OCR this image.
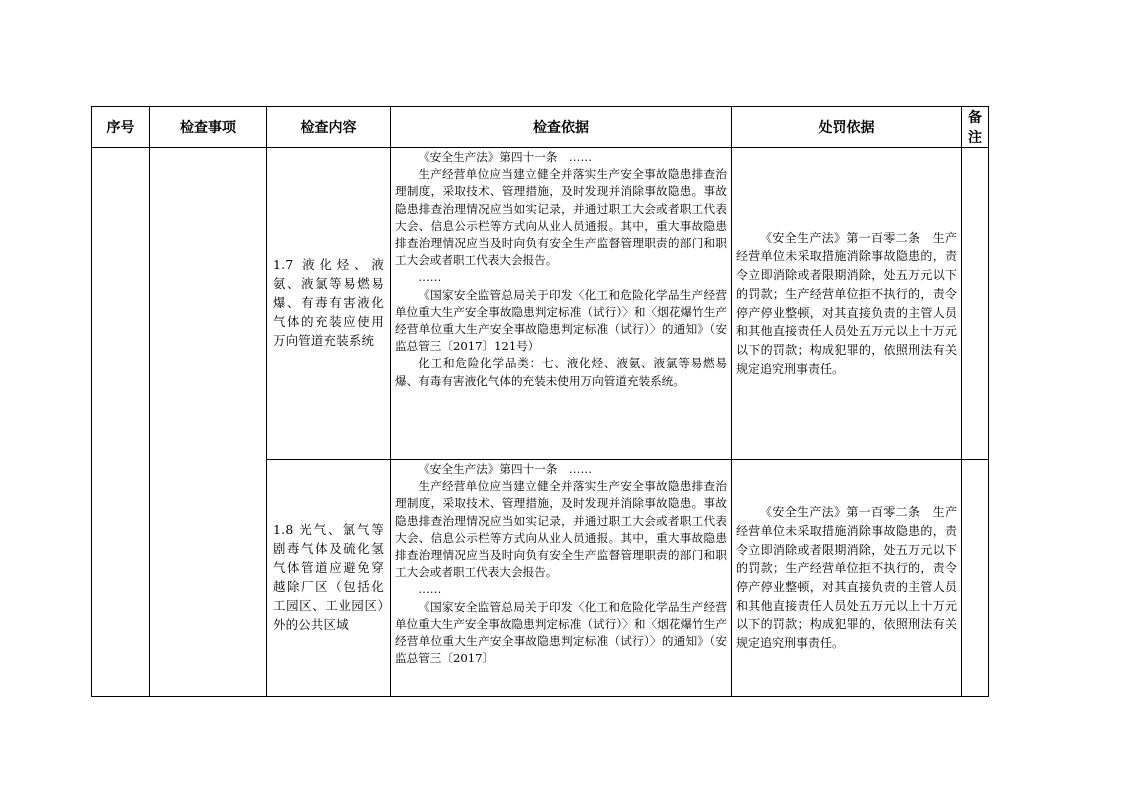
序号	检查事项	检查内容	检查依据	处罚依据	备注
		1.7 液化烃、液氨、液氯等易燃易爆、有毒有害液化气体的充装应使用万向管道充装系统	《安全生产法》第四十一条　……

生产经营单位应当建立健全并落实生产安全事故隐患排查治理制度，采取技术、管理措施，及时发现并消除事故隐患。事故隐患排查治理情况应当如实记录，并通过职工大会或者职工代表大会、信息公示栏等方式向从业人员通报。其中，重大事故隐患排查治理情况应当及时向负有安全生产监督管理职责的部门和职工大会或者职工代表大会报告。

……

《国家安全监管总局关于印发〈化工和危险化学品生产经营单位重大生产安全事故隐患判定标准（试行）〉和〈烟花爆竹生产经营单位重大生产安全事故隐患判定标准（试行）〉的通知》（安监总管三〔2017〕121号）

化工和危险化学品类：七、液化烃、液氨、液氯等易燃易爆、有毒有害液化气体的充装未使用万向管道充装系统。	《安全生产法》第一百零二条　生产经营单位未采取措施消除事故隐患的，责令立即消除或者限期消除，处五万元以下的罚款；生产经营单位拒不执行的，责令停产停业整顿，对其直接负责的主管人员和其他直接责任人员处五万元以上十万元以下的罚款；构成犯罪的，依照刑法有关规定追究刑事责任。	

		1.8 光气、氯气等剧毒气体及硫化氢气体管道应避免穿越除厂区（包括化工园区、工业园区）外的公共区域	《安全生产法》第四十一条　……

生产经营单位应当建立健全并落实生产安全事故隐患排查治理制度，采取技术、管理措施，及时发现并消除事故隐患。事故隐患排查治理情况应当如实记录，并通过职工大会或者职工代表大会、信息公示栏等方式向从业人员通报。其中，重大事故隐患排查治理情况应当及时向负有安全生产监督管理职责的部门和职工大会或者职工代表大会报告。

……

《国家安全监管总局关于印发〈化工和危险化学品生产经营单位重大生产安全事故隐患判定标准（试行）〉和〈烟花爆竹生产经营单位重大生产安全事故隐患判定标准（试行）〉的通知》（安监总管三〔2017〕	《安全生产法》第一百零二条　生产经营单位未采取措施消除事故隐患的，责令立即消除或者限期消除，处五万元以下的罚款；生产经营单位拒不执行的，责令停产停业整顿，对其直接负责的主管人员和其他直接责任人员处五万元以上十万元以下的罚款；构成犯罪的，依照刑法有关规定追究刑事责任。	
